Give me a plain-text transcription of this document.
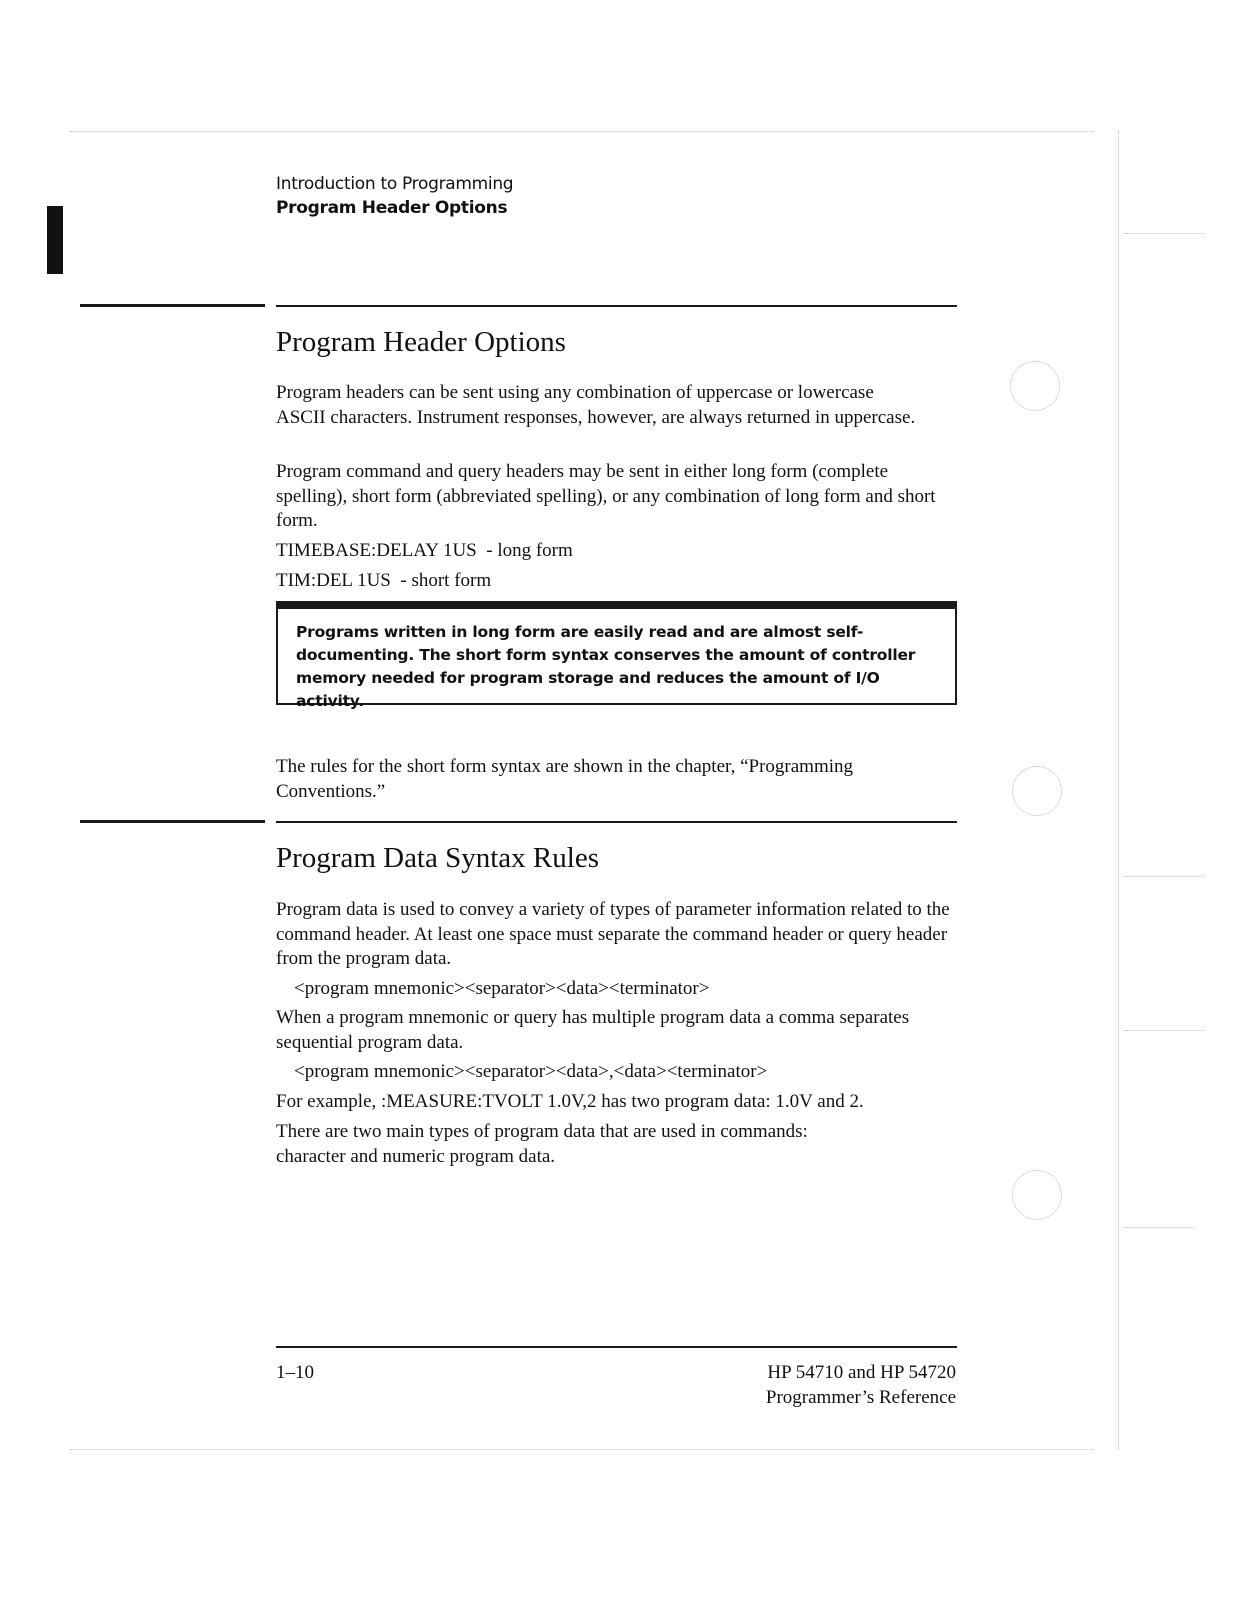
Introduction to Programming
Program Header Options
Program Header Options

Program headers can be sent using any combination of uppercase or lowercase ASCII characters. Instrument responses, however, are always returned in uppercase.

Program command and query headers may be sent in either long form (complete spelling), short form (abbreviated spelling), or any combination of long form and short form.

TIMEBASE:DELAY 1US  - long form
TIM:DEL 1US  - short form
Programs written in long form are easily read and are almost self-documenting. The short form syntax conserves the amount of controller memory needed for program storage and reduces the amount of I/O activity.

The rules for the short form syntax are shown in the chapter, “Programming Conventions.”

Program Data Syntax Rules

Program data is used to convey a variety of types of parameter information related to the command header. At least one space must separate the command header or query header from the program data.

<program mnemonic><separator><data><terminator>

When a program mnemonic or query has multiple program data a comma separates sequential program data.

<program mnemonic><separator><data>,<data><terminator>

For example, :MEASURE:TVOLT 1.0V,2 has two program data: 1.0V and 2.

There are two main types of program data that are used in commands: character and numeric program data.

1–10	HP 54710 and HP 54720
Programmer’s Reference
